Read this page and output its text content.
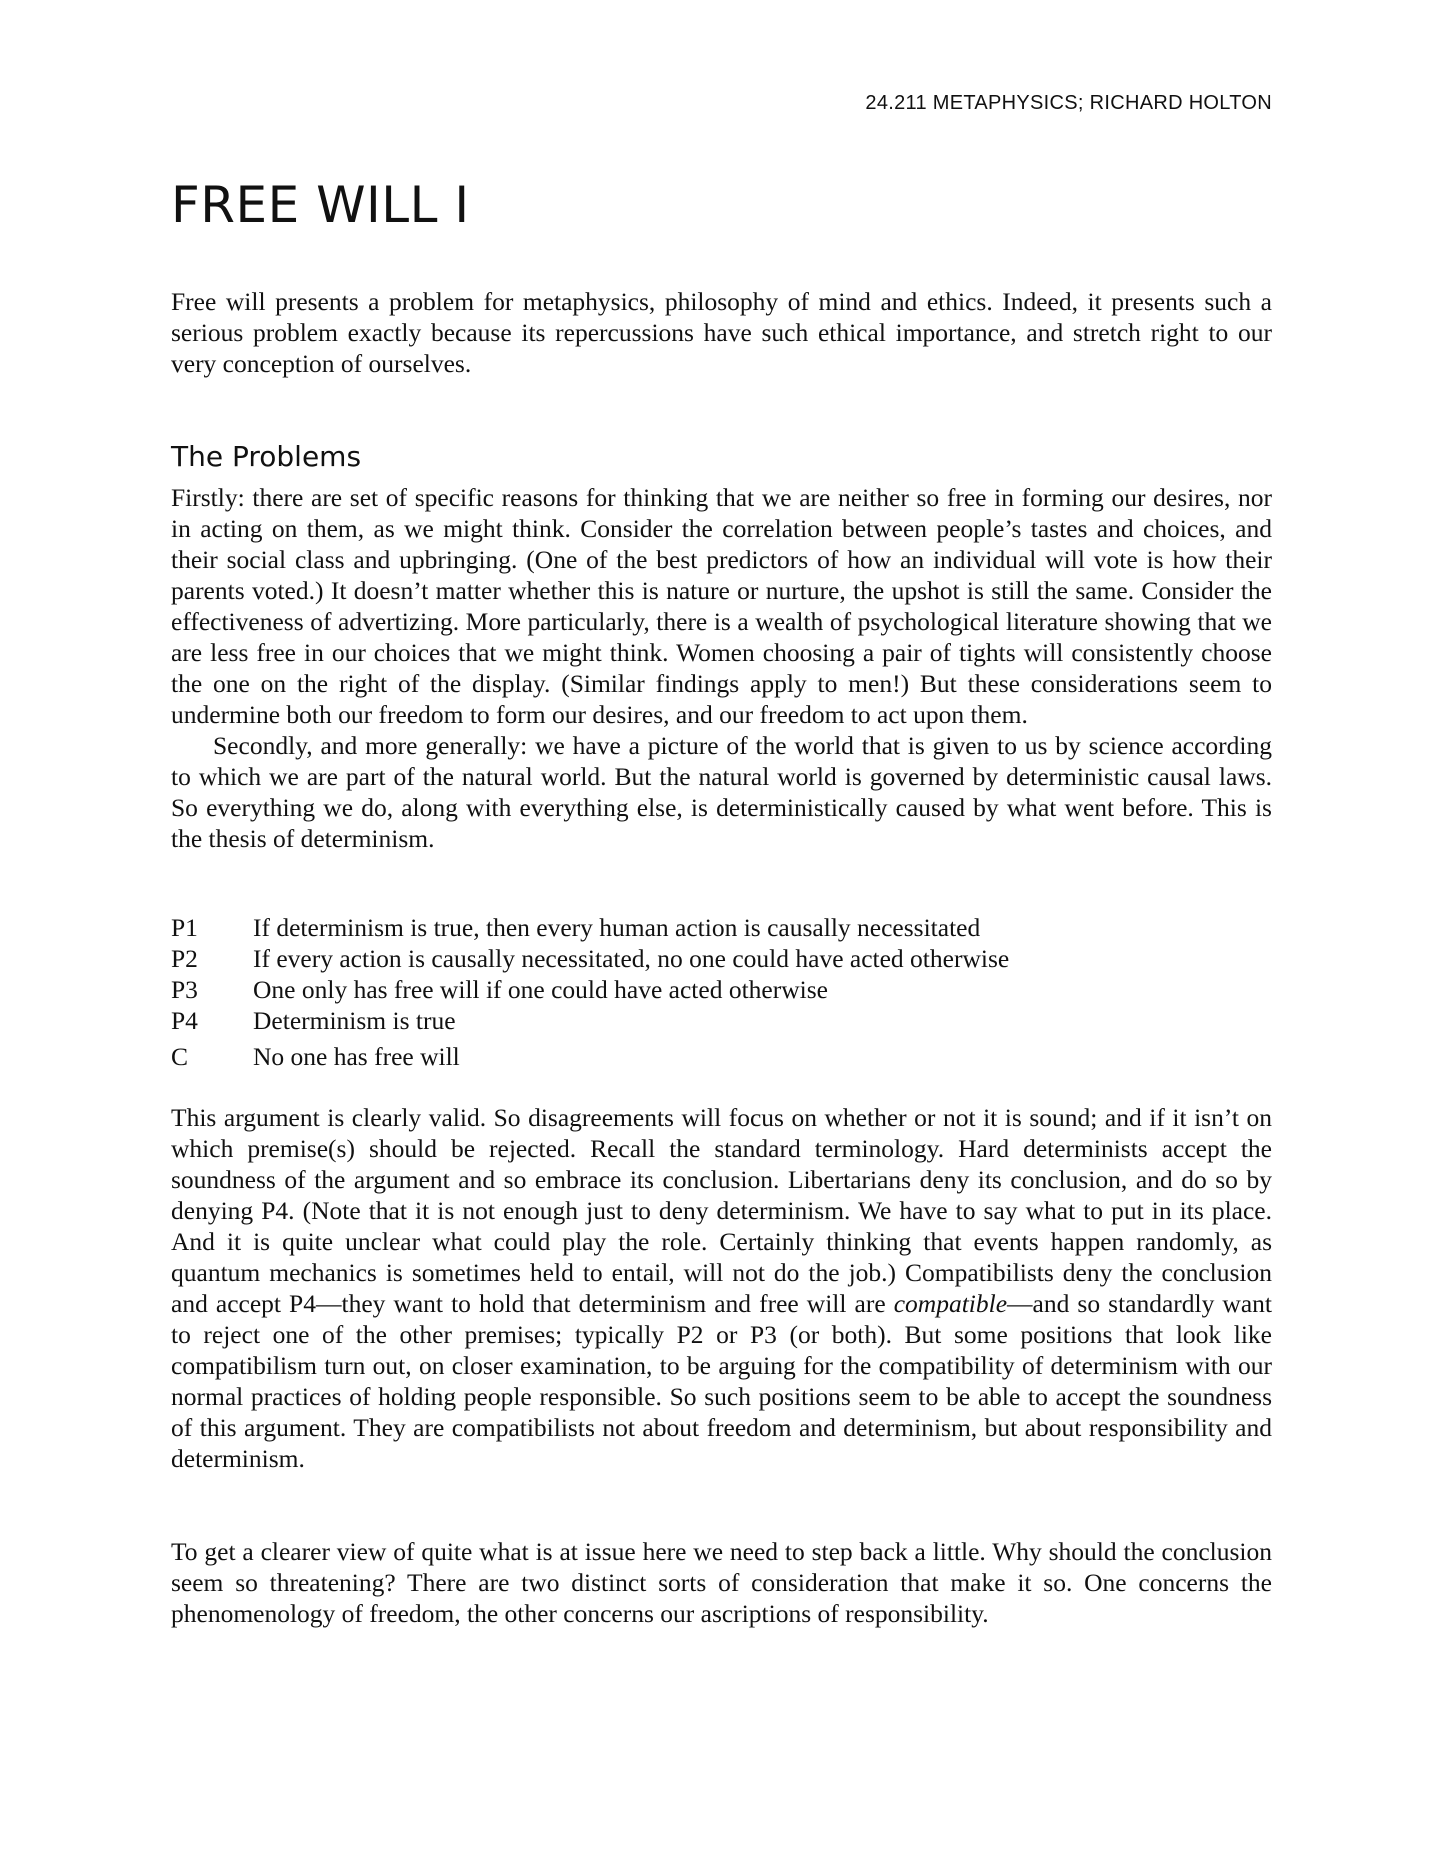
24.211 METAPHYSICS; RICHARD HOLTON
FREE WILL I

Free will presents a problem for metaphysics, philosophy of mind and ethics. Indeed, it presents such a serious problem exactly because its repercussions have such ethical importance, and stretch right to our very conception of ourselves.

The Problems

Firstly: there are set of specific reasons for thinking that we are neither so free in forming our desires, nor in acting on them, as we might think. Consider the correlation between people’s tastes and choices, and their social class and upbringing. (One of the best predictors of how an individual will vote is how their parents voted.) It doesn’t matter whether this is nature or nurture, the upshot is still the same. Consider the effectiveness of advertizing. More particularly, there is a wealth of psychological literature showing that we are less free in our choices that we might think. Women choosing a pair of tights will consistently choose the one on the right of the display. (Similar findings apply to men!) But these considerations seem to undermine both our freedom to form our desires, and our freedom to act upon them.

Secondly, and more generally: we have a picture of the world that is given to us by science according to which we are part of the natural world. But the natural world is governed by deterministic causal laws. So everything we do, along with everything else, is deterministically caused by what went before. This is the thesis of determinism.

P1	If determinism is true, then every human action is causally necessitated
P2	If every action is causally necessitated, no one could have acted otherwise
P3	One only has free will if one could have acted otherwise
P4	Determinism is true
C	No one has free will

This argument is clearly valid. So disagreements will focus on whether or not it is sound; and if it isn’t on which premise(s) should be rejected. Recall the standard terminology. Hard determinists accept the soundness of the argument and so embrace its conclusion. Libertarians deny its conclusion, and do so by denying P4. (Note that it is not enough just to deny determinism. We have to say what to put in its place. And it is quite unclear what could play the role. Certainly thinking that events happen randomly, as quantum mechanics is sometimes held to entail, will not do the job.) Compatibilists deny the conclusion and accept P4—they want to hold that determinism and free will are compatible—and so standardly want to reject one of the other premises; typically P2 or P3 (or both). But some positions that look like compatibilism turn out, on closer examination, to be arguing for the compatibility of determinism with our normal practices of holding people responsible. So such positions seem to be able to accept the soundness of this argument. They are compatibilists not about freedom and determinism, but about responsibility and determinism.

To get a clearer view of quite what is at issue here we need to step back a little. Why should the conclusion seem so threatening? There are two distinct sorts of consideration that make it so. One concerns the phenomenology of freedom, the other concerns our ascriptions of responsibility.
